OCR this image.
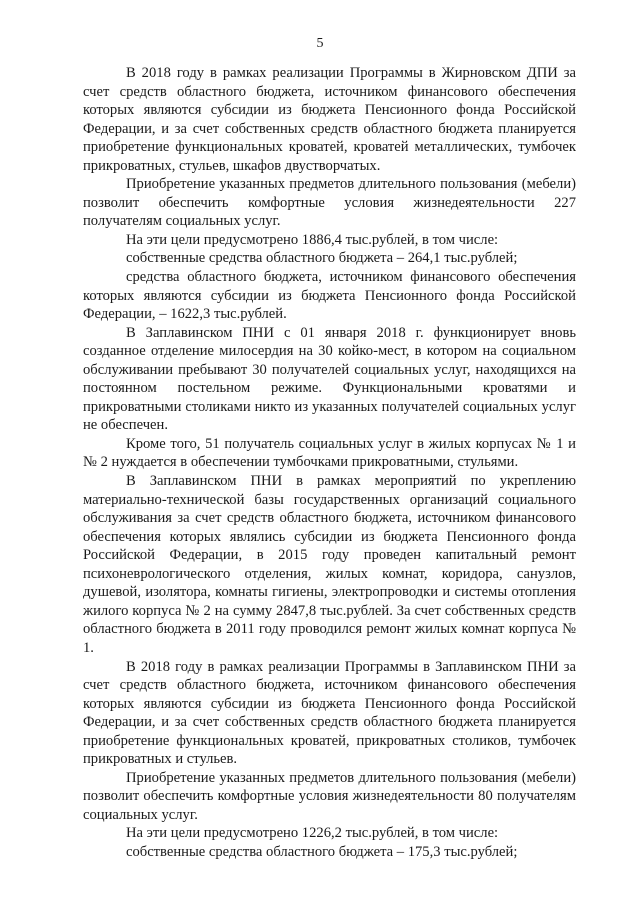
5

В 2018 году в рамках реализации Программы в Жирновском ДПИ за счет средств областного бюджета, источником финансового обеспечения которых являются субсидии из бюджета Пенсионного фонда Российской Федерации, и за счет собственных средств областного бюджета планируется приобретение функциональных кроватей, кроватей металлических, тумбочек прикроватных, стульев, шкафов двустворчатых.

Приобретение указанных предметов длительного пользования (мебели) позволит обеспечить комфортные условия жизнедеятельности 227 получателям социальных услуг.

На эти цели предусмотрено 1886,4 тыс.рублей, в том числе:

собственные средства областного бюджета – 264,1 тыс.рублей;

средства областного бюджета, источником финансового обеспечения которых являются субсидии из бюджета Пенсионного фонда Российской Федерации, – 1622,3 тыс.рублей.

В Заплавинском ПНИ с 01 января 2018 г. функционирует вновь созданное отделение милосердия на 30 койко-мест, в котором на социальном обслуживании пребывают 30 получателей социальных услуг, находящихся на постоянном постельном режиме. Функциональными кроватями и прикроватными столиками никто из указанных получателей социальных услуг не обеспечен.

Кроме того, 51 получатель социальных услуг в жилых корпусах № 1 и № 2 нуждается в обеспечении тумбочками прикроватными, стульями.

В Заплавинском ПНИ в рамках мероприятий по укреплению материально-технической базы государственных организаций социального обслуживания за счет средств областного бюджета, источником финансового обеспечения которых являлись субсидии из бюджета Пенсионного фонда Российской Федерации, в 2015 году проведен капитальный ремонт психоневрологического отделения, жилых комнат, коридора, санузлов, душевой, изолятора, комнаты гигиены, электропроводки и системы отопления жилого корпуса № 2 на сумму 2847,8 тыс.рублей. За счет собственных средств областного бюджета в 2011 году проводился ремонт жилых комнат корпуса № 1.

В 2018 году в рамках реализации Программы в Заплавинском ПНИ за счет средств областного бюджета, источником финансового обеспечения которых являются субсидии из бюджета Пенсионного фонда Российской Федерации, и за счет собственных средств областного бюджета планируется приобретение функциональных кроватей, прикроватных столиков, тумбочек прикроватных и стульев.

Приобретение указанных предметов длительного пользования (мебели) позволит обеспечить комфортные условия жизнедеятельности 80 получателям социальных услуг.

На эти цели предусмотрено 1226,2 тыс.рублей, в том числе:

собственные средства областного бюджета – 175,3 тыс.рублей;
